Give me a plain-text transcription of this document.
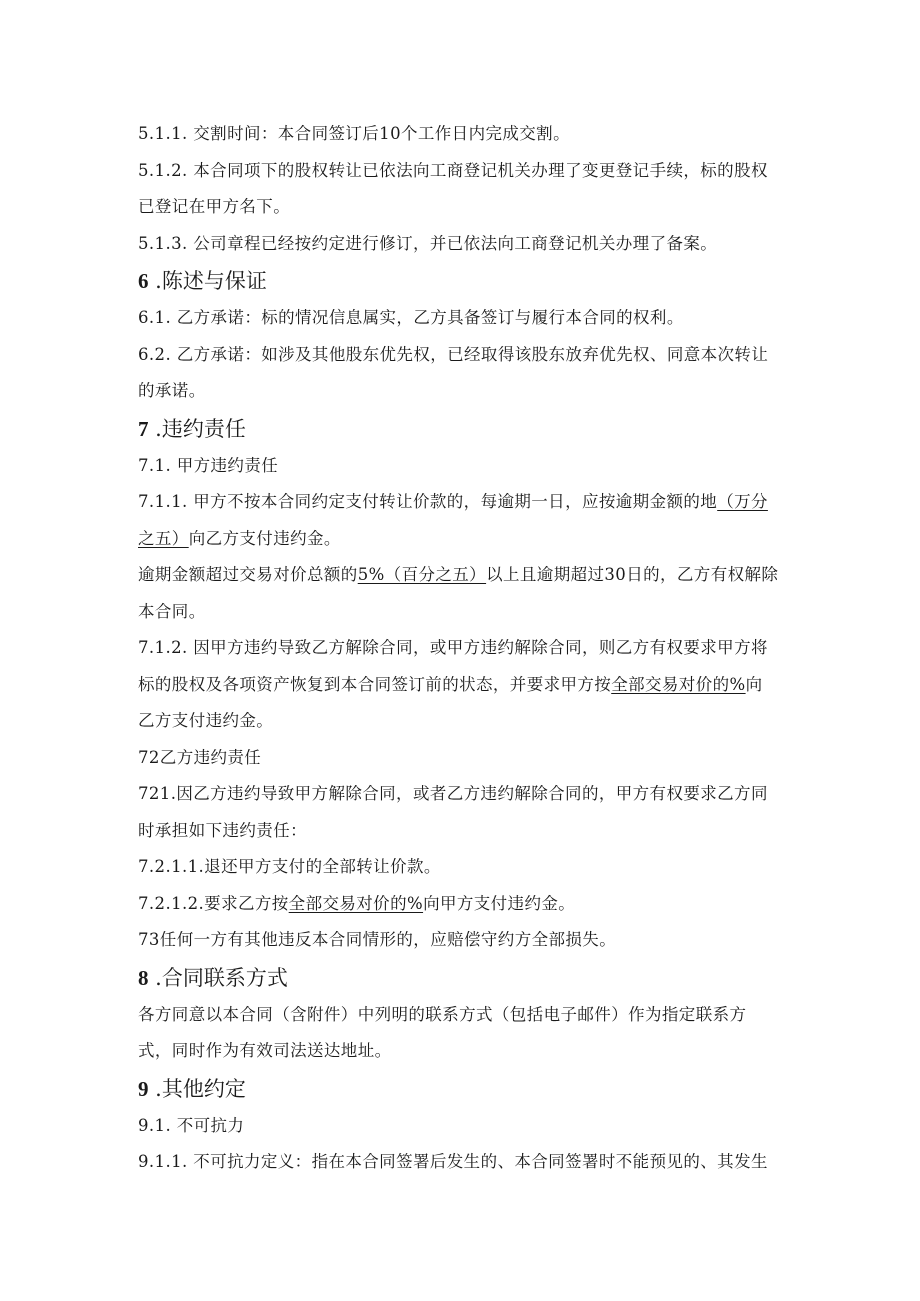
5.1.1. 交割时间：本合同签订后10个工作日内完成交割。

5.1.2. 本合同项下的股权转让已依法向工商登记机关办理了变更登记手续，标的股权

已登记在甲方名下。

5.1.3. 公司章程已经按约定进行修订，并已依法向工商登记机关办理了备案。

6 .陈述与保证

6.1. 乙方承诺：标的情况信息属实，乙方具备签订与履行本合同的权利。

6.2. 乙方承诺：如涉及其他股东优先权，已经取得该股东放弃优先权、同意本次转让

的承诺。

7 .违约责任

7.1. 甲方违约责任

7.1.1. 甲方不按本合同约定支付转让价款的，每逾期一日，应按逾期金额的地（万分

之五）向乙方支付违约金。

逾期金额超过交易对价总额的5%（百分之五）以上且逾期超过30日的，乙方有权解除

本合同。

7.1.2. 因甲方违约导致乙方解除合同，或甲方违约解除合同，则乙方有权要求甲方将

标的股权及各项资产恢复到本合同签订前的状态，并要求甲方按全部交易对价的%向

乙方支付违约金。

72乙方违约责任

721.因乙方违约导致甲方解除合同，或者乙方违约解除合同的，甲方有权要求乙方同

时承担如下违约责任：

7.2.1.1.退还甲方支付的全部转让价款。

7.2.1.2.要求乙方按全部交易对价的%向甲方支付违约金。

73任何一方有其他违反本合同情形的，应赔偿守约方全部损失。

8 .合同联系方式

各方同意以本合同（含附件）中列明的联系方式（包括电子邮件）作为指定联系方

式，同时作为有效司法送达地址。

9 .其他约定

9.1. 不可抗力

9.1.1. 不可抗力定义：指在本合同签署后发生的、本合同签署时不能预见的、其发生
